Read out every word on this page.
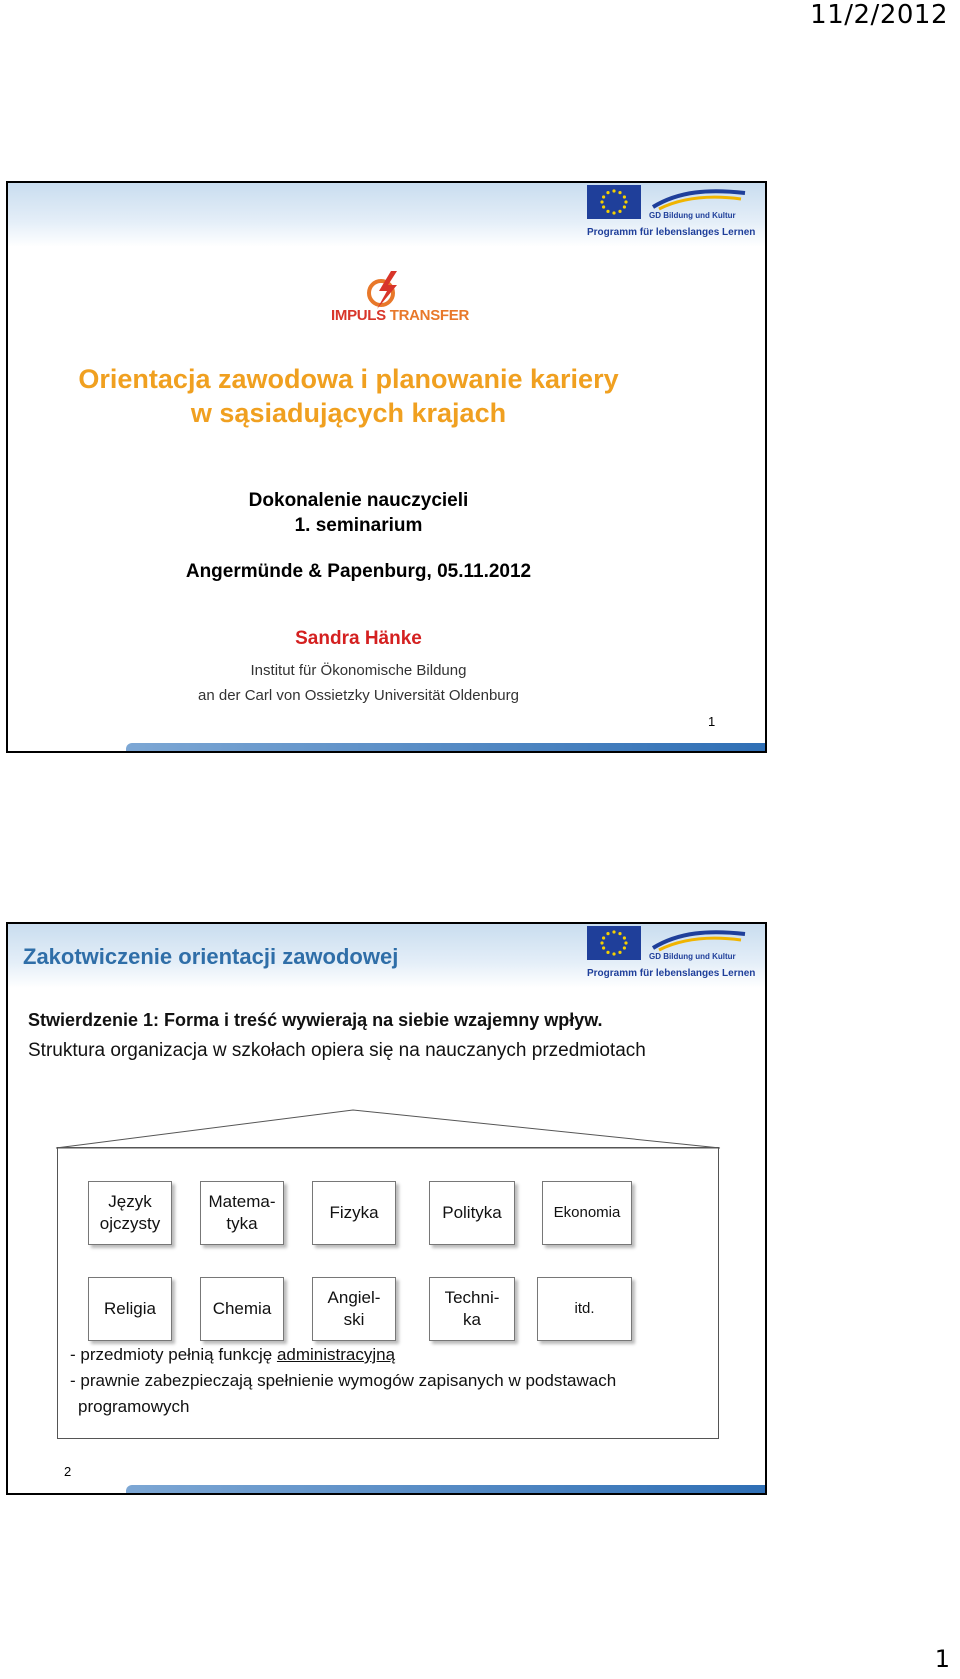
11/2/2012
GD Bildung und Kultur
Programm für lebenslanges Lernen
IMPULS TRANSFER
Orientacja zawodowa i planowanie kariery
w sąsiadujących krajach
Dokonalenie nauczycieli
1. seminarium
Angermünde & Papenburg, 05.11.2012
Sandra Hänke
Institut für Ökonomische Bildung
an der Carl von Ossietzky Universität Oldenburg
1
GD Bildung und Kultur
Programm für lebenslanges Lernen
Zakotwiczenie orientacji zawodowej
Stwierdzenie 1: Forma i treść wywierają na siebie wzajemny wpływ.
Struktura organizacja w szkołach opiera się na nauczanych przedmiotach
Język
ojczysty
Matema-
tyka
Fizyka	Polityka	Ekonomia
Religia	Chemia
Angiel-
ski
Techni-
ka
itd.
- przedmioty pełnią funkcję administracyjną
- prawnie zabezpieczają spełnienie wymogów zapisanych w podstawach
programowych
2
1
